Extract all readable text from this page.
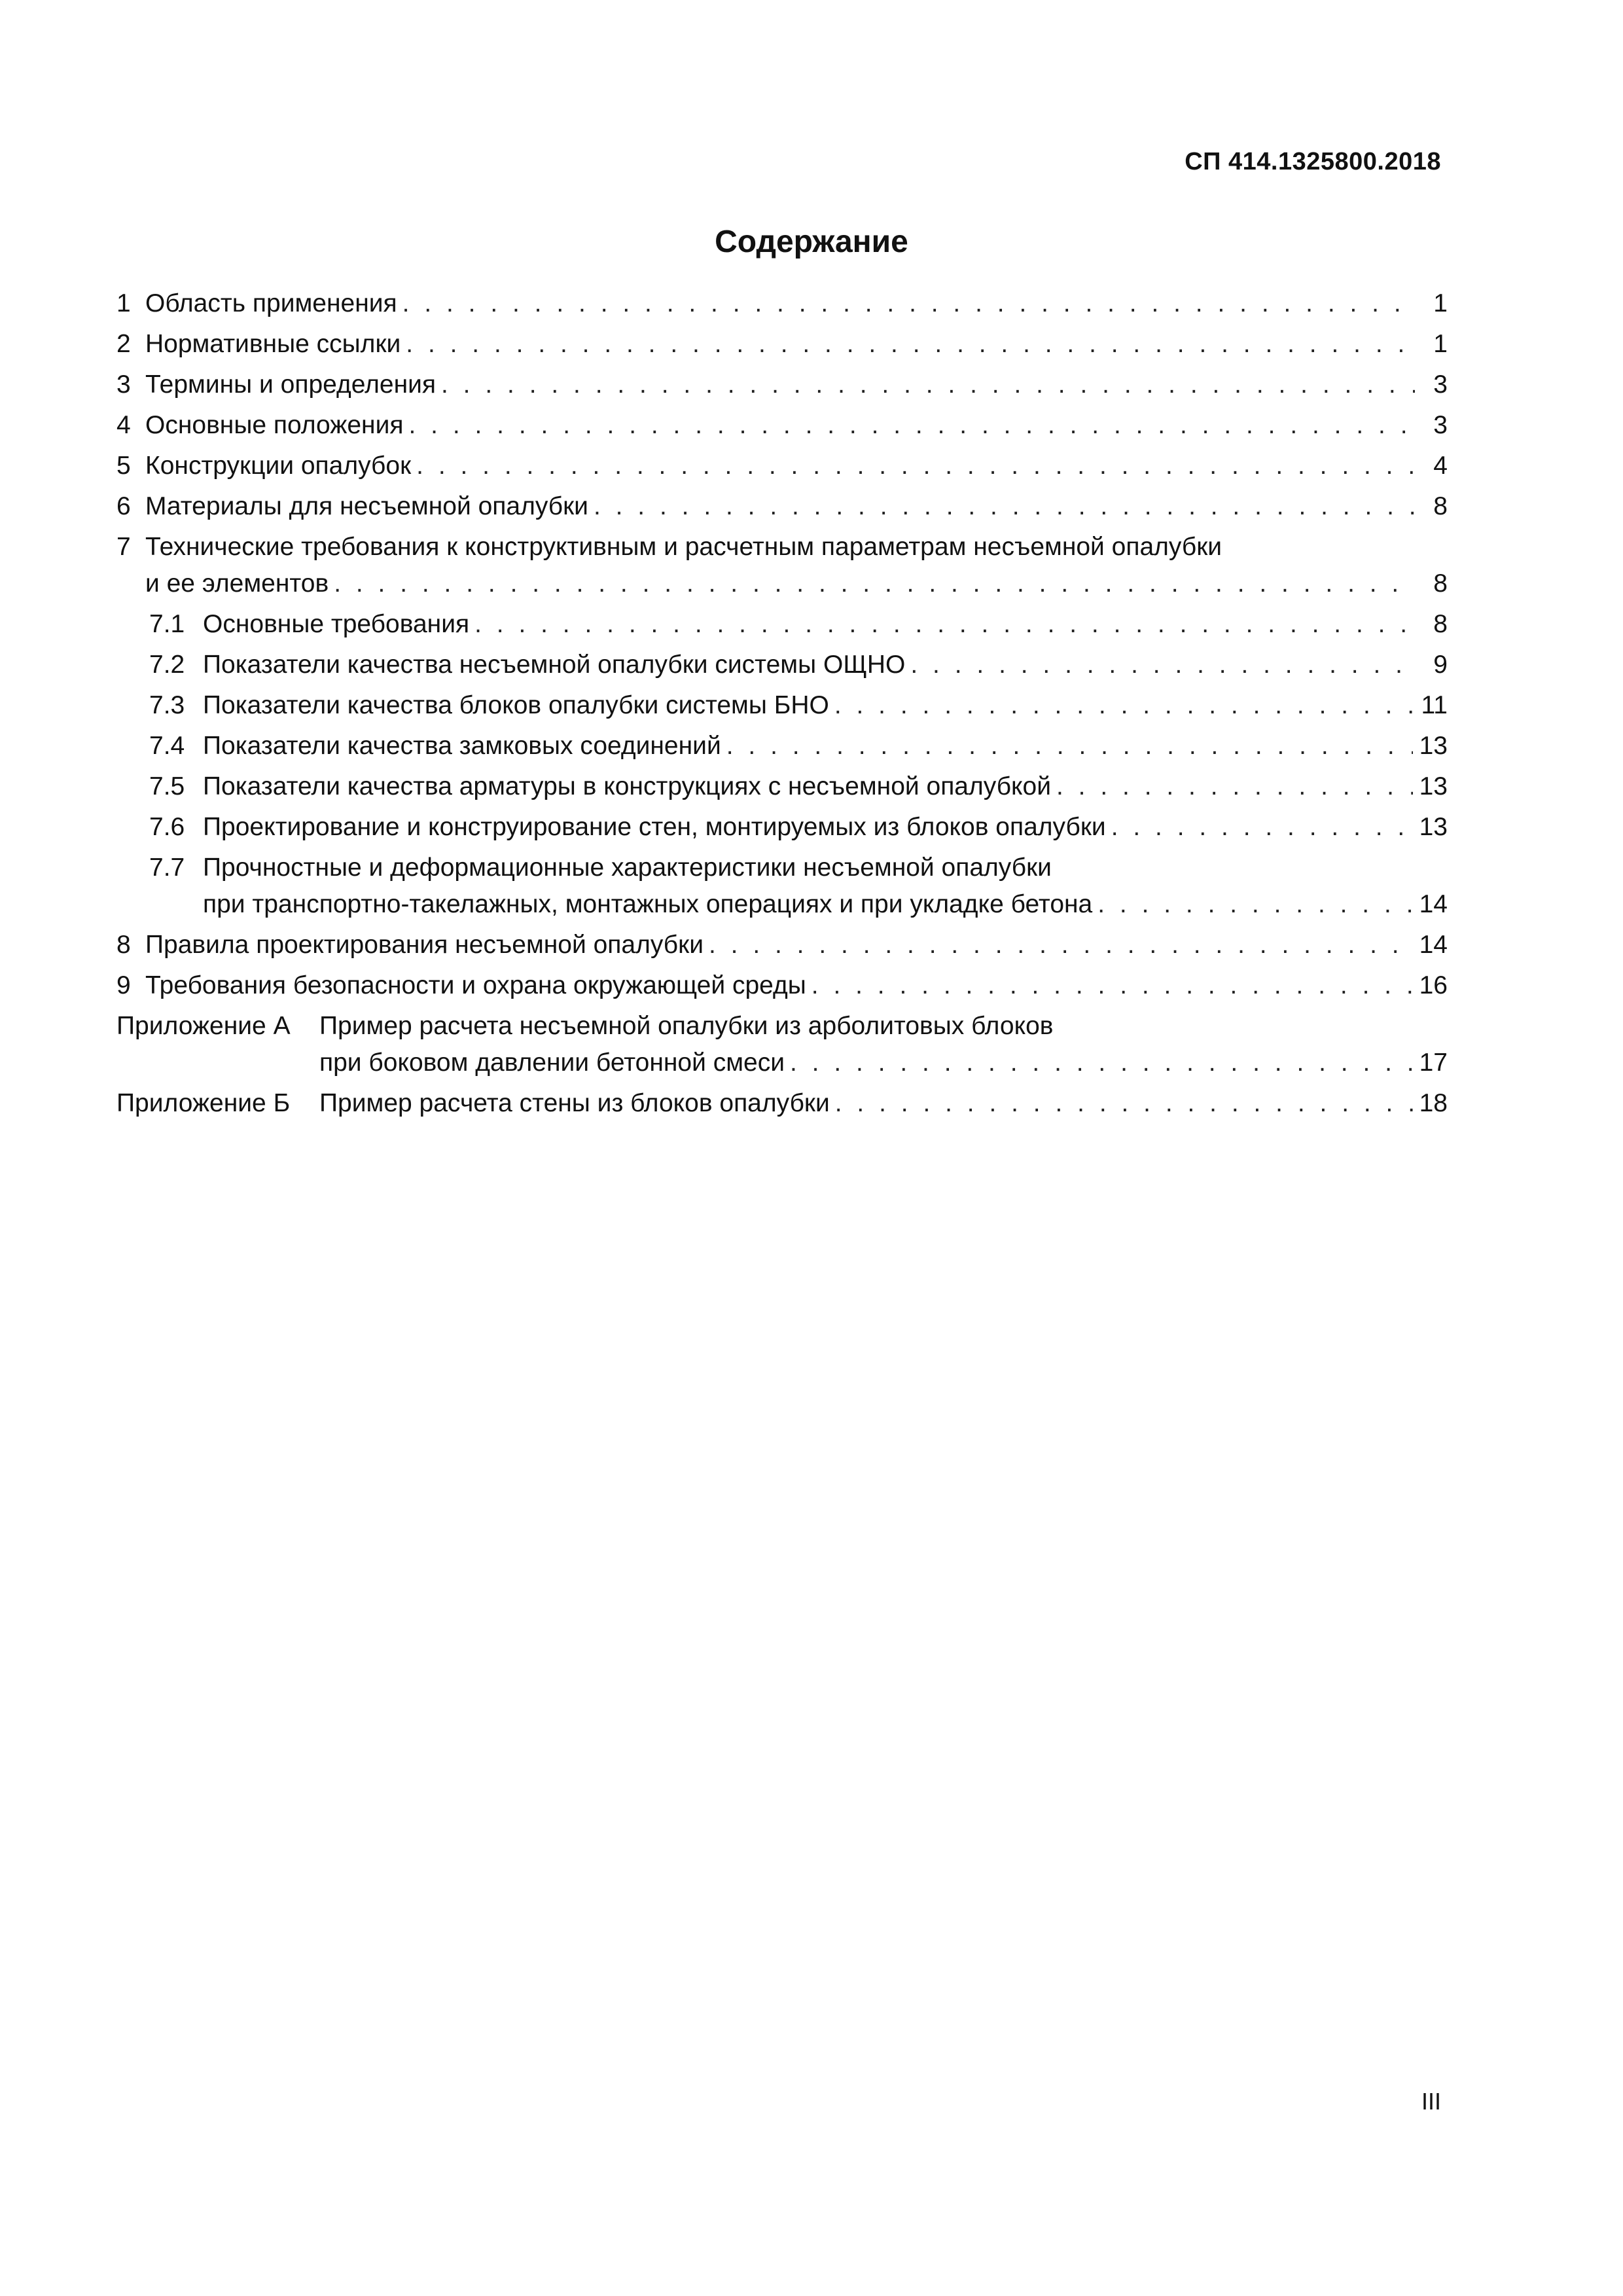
СП 414.1325800.2018
Содержание
1 Область применения . . .	1
2 Нормативные ссылки . . .	1
3 Термины и определения . . .	3
4 Основные положения . . .	3
5 Конструкции опалубок . . .	4
6 Материалы для несъемной опалубки . . .	8
7 Технические требования к конструктивным и расчетным параметрам несъемной опалубки
и ее элементов . . .	8
7.1 Основные требования . . .	8
7.2 Показатели качества несъемной опалубки системы ОЩНО . . .	9
7.3 Показатели качества блоков опалубки системы БНО . . .	11
7.4 Показатели качества замковых соединений . . .	13
7.5 Показатели качества арматуры в конструкциях с несъемной опалубкой . . .	13
7.6 Проектирование и конструирование стен, монтируемых из блоков опалубки . . .	13
7.7 Прочностные и деформационные характеристики несъемной опалубки
при транспортно-такелажных, монтажных операциях и при укладке бетона . . .	14
8 Правила проектирования несъемной опалубки . . .	14
9 Требования безопасности и охрана окружающей среды . . .	16
Приложение А	Пример расчета несъемной опалубки из арболитовых блоков
при боковом давлении бетонной смеси . . .	17
Приложение Б	Пример расчета стены из блоков опалубки . . .	18
III
